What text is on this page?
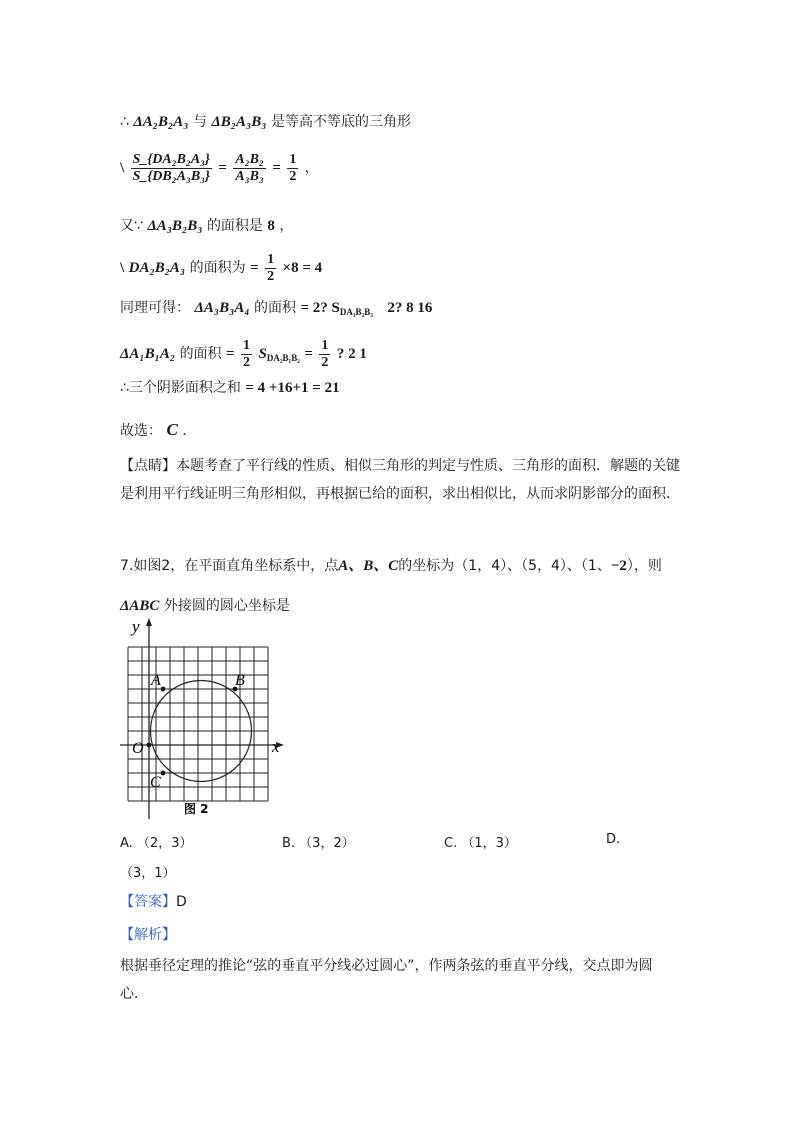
∴ ΔA₂B₂A₃ 与 ΔB₂A₃B₃ 是等高不等底的三角形
\ $\frac{\text{S\_\{DA₂B₂A₃\}}}{\text{S\_\{DB₂A₃B₃\}}} = \frac{\text{A₂B₂}}{\text{A₃B₃}} = \frac{1}{2}$ ，
又∵ ΔA₃B₂B₃ 的面积是 8 ，
\ DA₂B₂A₃ 的面积为 = $\frac{1}{2} \times 8 = 4$
同理可得： ΔA₃B₃A₄ 的面积 = 2? $S_{DA_3B_2B_3}$ 2? 8 16
ΔA₁B₁A₂ 的面积 = $\frac{1}{2} S_{DA_2B_1B_2} = \frac{1}{2}$ ? 2 1
∴三个阴影面积之和 = 4 +16+1 = 21
故选： C ．
【点睛】本题考查了平行线的性质、相似三角形的判定与性质、三角形的面积．解题的关键是利用平行线证明三角形相似，再根据已给的面积，求出相似比，从而求阴影部分的面积．
7.如图2，在平面直角坐标系中，点A、B、C的坐标为（1，4）、（5，4）、（1、−2），则
ΔABC 外接圆的圆心坐标是
y
x
O
A	B
C
图 2
A. （2，3）	B. （3，2）	C. （1，3）	D.
（3，1）
【答案】D
【解析】
根据垂径定理的推论“弦的垂直平分线必过圆心”，作两条弦的垂直平分线，交点即为圆心．
